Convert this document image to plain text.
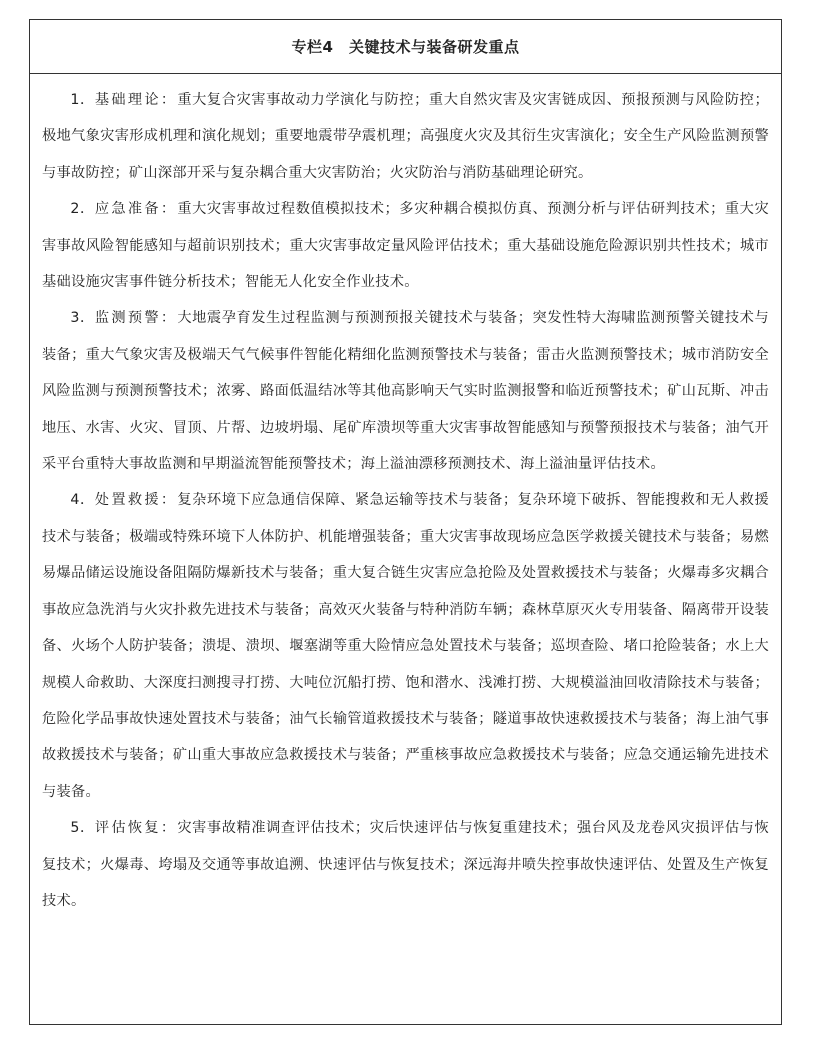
专栏4　关键技术与装备研发重点

1．基础理论：重大复合灾害事故动力学演化与防控；重大自然灾害及灾害链成因、预报预测与风险防控；极地气象灾害形成机理和演化规划；重要地震带孕震机理；高强度火灾及其衍生灾害演化；安全生产风险监测预警与事故防控；矿山深部开采与复杂耦合重大灾害防治；火灾防治与消防基础理论研究。

2．应急准备：重大灾害事故过程数值模拟技术；多灾种耦合模拟仿真、预测分析与评估研判技术；重大灾害事故风险智能感知与超前识别技术；重大灾害事故定量风险评估技术；重大基础设施危险源识别共性技术；城市基础设施灾害事件链分析技术；智能无人化安全作业技术。

3．监测预警：大地震孕育发生过程监测与预测预报关键技术与装备；突发性特大海啸监测预警关键技术与装备；重大气象灾害及极端天气气候事件智能化精细化监测预警技术与装备；雷击火监测预警技术；城市消防安全风险监测与预测预警技术；浓雾、路面低温结冰等其他高影响天气实时监测报警和临近预警技术；矿山瓦斯、冲击地压、水害、火灾、冒顶、片帮、边坡坍塌、尾矿库溃坝等重大灾害事故智能感知与预警预报技术与装备；油气开采平台重特大事故监测和早期溢流智能预警技术；海上溢油漂移预测技术、海上溢油量评估技术。

4．处置救援：复杂环境下应急通信保障、紧急运输等技术与装备；复杂环境下破拆、智能搜救和无人救援技术与装备；极端或特殊环境下人体防护、机能增强装备；重大灾害事故现场应急医学救援关键技术与装备；易燃易爆品储运设施设备阻隔防爆新技术与装备；重大复合链生灾害应急抢险及处置救援技术与装备；火爆毒多灾耦合事故应急洗消与火灾扑救先进技术与装备；高效灭火装备与特种消防车辆；森林草原灭火专用装备、隔离带开设装备、火场个人防护装备；溃堤、溃坝、堰塞湖等重大险情应急处置技术与装备；巡坝查险、堵口抢险装备；水上大规模人命救助、大深度扫测搜寻打捞、大吨位沉船打捞、饱和潜水、浅滩打捞、大规模溢油回收清除技术与装备；危险化学品事故快速处置技术与装备；油气长输管道救援技术与装备；隧道事故快速救援技术与装备；海上油气事故救援技术与装备；矿山重大事故应急救援技术与装备；严重核事故应急救援技术与装备；应急交通运输先进技术与装备。

5．评估恢复：灾害事故精准调查评估技术；灾后快速评估与恢复重建技术；强台风及龙卷风灾损评估与恢复技术；火爆毒、垮塌及交通等事故追溯、快速评估与恢复技术；深远海井喷失控事故快速评估、处置及生产恢复技术。
